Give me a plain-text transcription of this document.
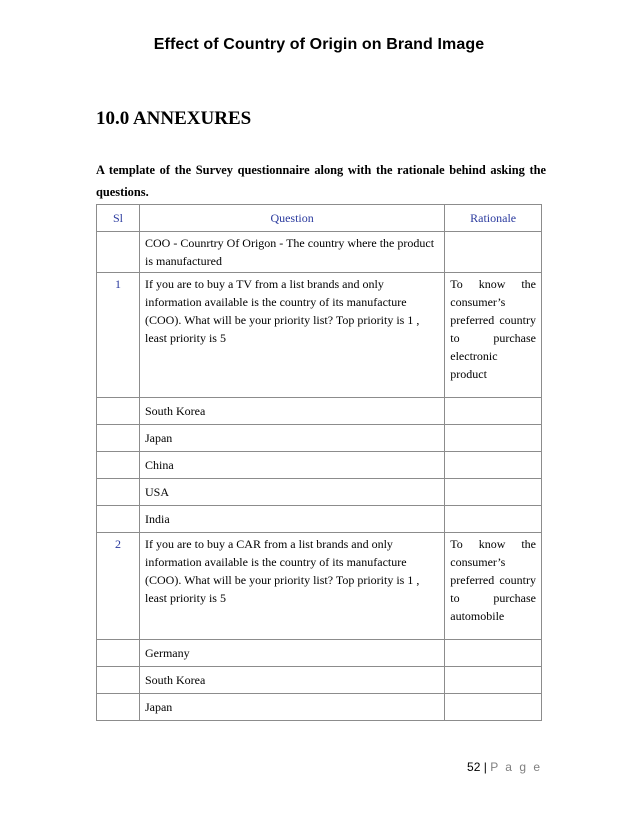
Effect of Country of Origin on Brand Image
10.0 ANNEXURES
A template of the Survey questionnaire along with the rationale behind asking the questions.
Sl	Question	Rationale
	COO - Counrtry Of Origon - The country where the product is manufactured	
1	If you are to buy a TV from a list brands and only information available is the country of its manufacture (COO). What will be your priority list? Top priority is 1 , least priority is 5	To know the consumer’s preferred country to purchase electronic product
	South Korea	
	Japan	
	China	
	USA	
	India	
2	If you are to buy a CAR from a list brands and only information available is the country of its manufacture (COO). What will be your priority list? Top priority is 1 , least priority is 5	To know the consumer’s preferred country to purchase automobile
	Germany	
	South Korea	
	Japan	
52 | P a g e
